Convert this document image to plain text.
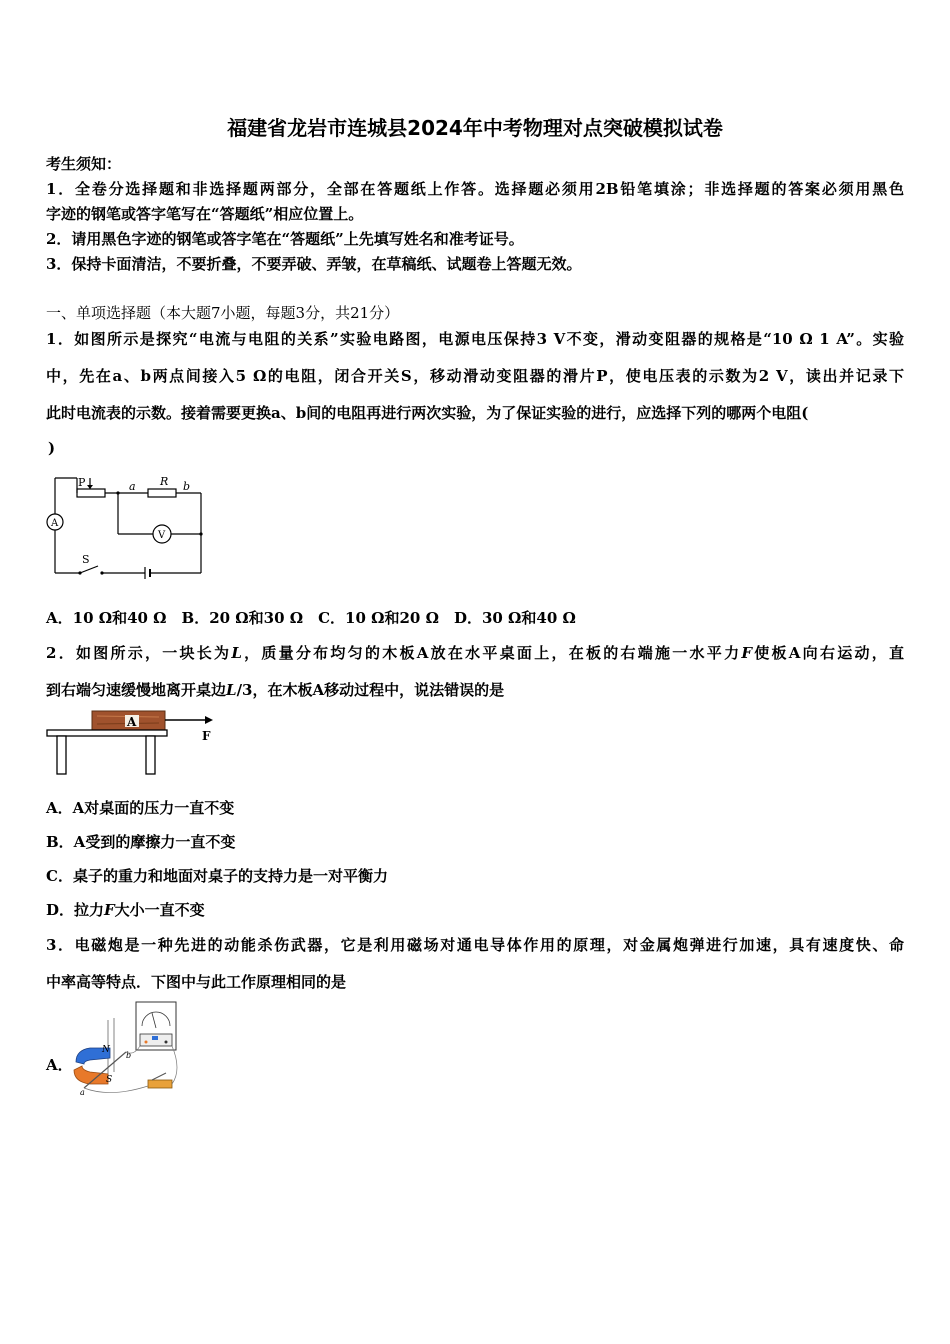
福建省龙岩市连城县2024年中考物理对点突破模拟试卷
考生须知：
1．全卷分选择题和非选择题两部分，全部在答题纸上作答。选择题必须用2B铅笔填涂；非选择题的答案必须用黑色
字迹的钢笔或答字笔写在“答题纸”相应位置上。
2．请用黑色字迹的钢笔或答字笔在“答题纸”上先填写姓名和准考证号。
3．保持卡面清洁，不要折叠，不要弄破、弄皱，在草稿纸、试题卷上答题无效。
一、单项选择题（本大题7小题，每题3分，共21分）
1．如图所示是探究“电流与电阻的关系”实验电路图，电源电压保持3 V不变，滑动变阻器的规格是“10 Ω 1 A”。实验
中，先在a、b两点间接入5 Ω的电阻，闭合开关S，移动滑动变阻器的滑片P，使电压表的示数为2 V，读出并记录下
此时电流表的示数。接着需要更换a、b间的电阻再进行两次实验，为了保证实验的进行，应选择下列的哪两个电阻(
)
P	a R b
A
V
S
A．10 Ω和40 Ω　B．20 Ω和30 Ω　C．10 Ω和20 Ω　D．30 Ω和40 Ω
2．如图所示，一块长为L，质量分布均匀的木板A放在水平桌面上，在板的右端施一水平力F使板A向右运动，直
到右端匀速缓慢地离开桌边L/3，在木板A移动过程中，说法错误的是
A
F
A．A对桌面的压力一直不变
B．A受到的摩擦力一直不变
C．桌子的重力和地面对桌子的支持力是一对平衡力
D．拉力F大小一直不变
3．电磁炮是一种先进的动能杀伤武器，它是利用磁场对通电导体作用的原理，对金属炮弹进行加速，具有速度快、命
中率高等特点．下图中与此工作原理相同的是
A．
N
S
a
b
